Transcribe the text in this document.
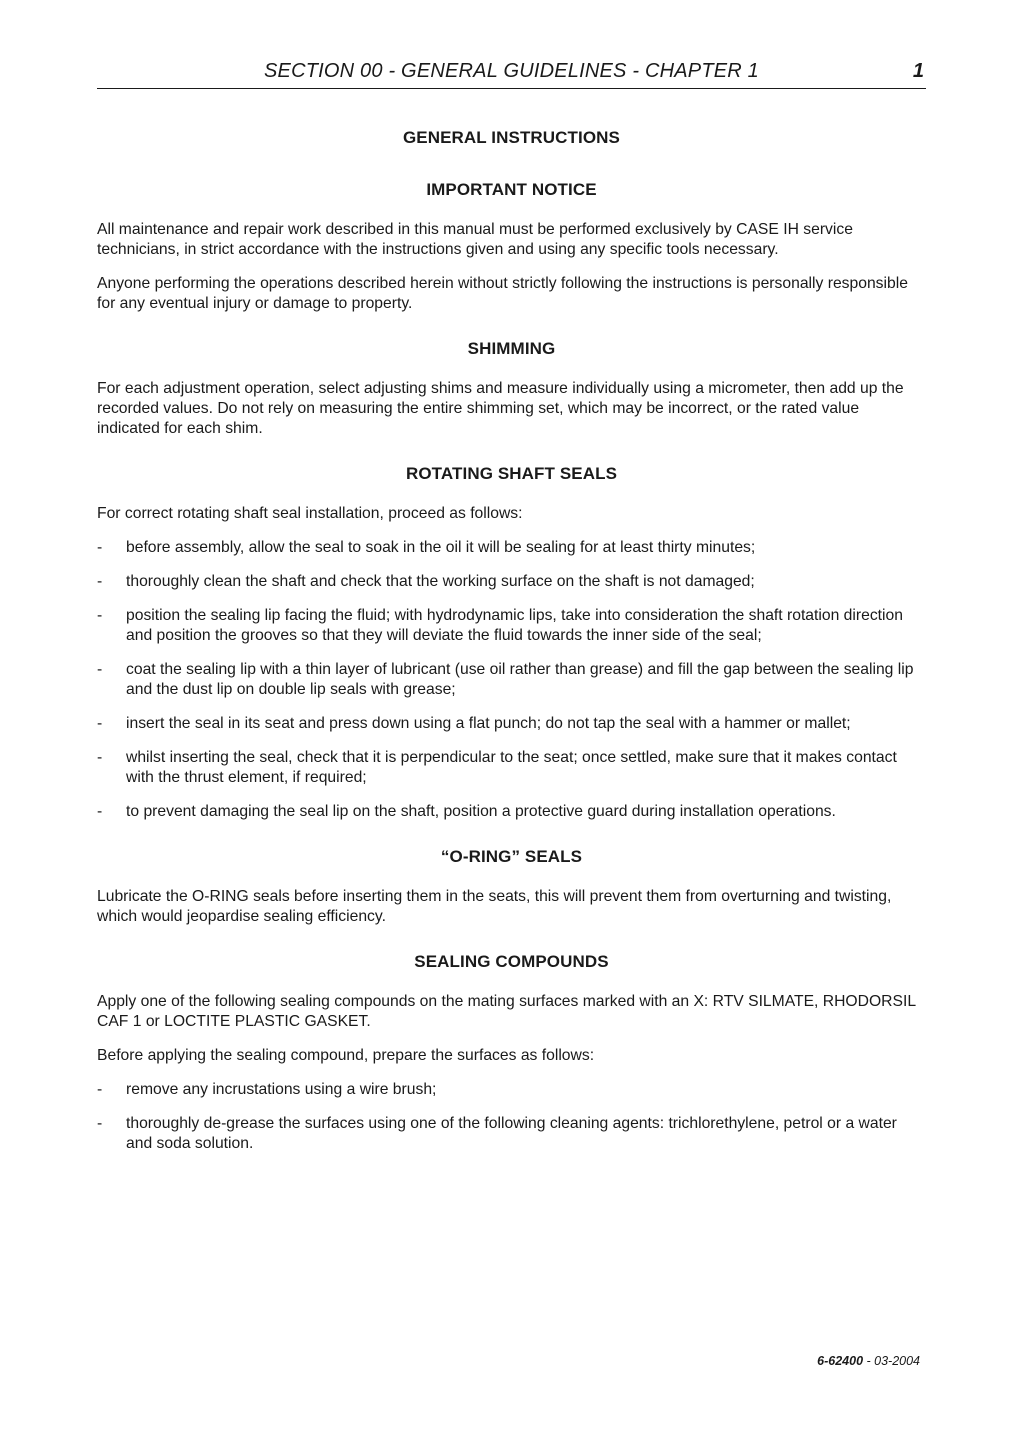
SECTION 00 - GENERAL GUIDELINES - CHAPTER 1	1
GENERAL INSTRUCTIONS
IMPORTANT NOTICE

All maintenance and repair work described in this manual must be performed exclusively by CASE IH service technicians, in strict accordance with the instructions given and using any specific tools necessary.

Anyone performing the operations described herein without strictly following the instructions is personally responsible for any eventual injury or damage to property.

SHIMMING

For each adjustment operation, select adjusting shims and measure individually using a micrometer, then add up the recorded values. Do not rely on measuring the entire shimming set, which may be incorrect, or the rated value indicated for each shim.

ROTATING SHAFT SEALS

For correct rotating shaft seal installation, proceed as follows:

- before assembly, allow the seal to soak in the oil it will be sealing for at least thirty minutes;
- thoroughly clean the shaft and check that the working surface on the shaft is not damaged;
- position the sealing lip facing the fluid; with hydrodynamic lips, take into consideration the shaft rotation direction and position the grooves so that they will deviate the fluid towards the inner side of the seal;
- coat the sealing lip with a thin layer of lubricant (use oil rather than grease) and fill the gap between the sealing lip and the dust lip on double lip seals with grease;
- insert the seal in its seat and press down using a flat punch; do not tap the seal with a hammer or mallet;
- whilst inserting the seal, check that it is perpendicular to the seat; once settled, make sure that it makes contact with the thrust element, if required;
- to prevent damaging the seal lip on the shaft, position a protective guard during installation operations.
“O-RING” SEALS

Lubricate the O-RING seals before inserting them in the seats, this will prevent them from overturning and twisting, which would jeopardise sealing efficiency.

SEALING COMPOUNDS

Apply one of the following sealing compounds on the mating surfaces marked with an X: RTV SILMATE, RHODORSIL CAF 1 or LOCTITE PLASTIC GASKET.

Before applying the sealing compound, prepare the surfaces as follows:

- remove any incrustations using a wire brush;
- thoroughly de-grease the surfaces using one of the following cleaning agents: trichlorethylene, petrol or a water and soda solution.
6-62400 - 03-2004
